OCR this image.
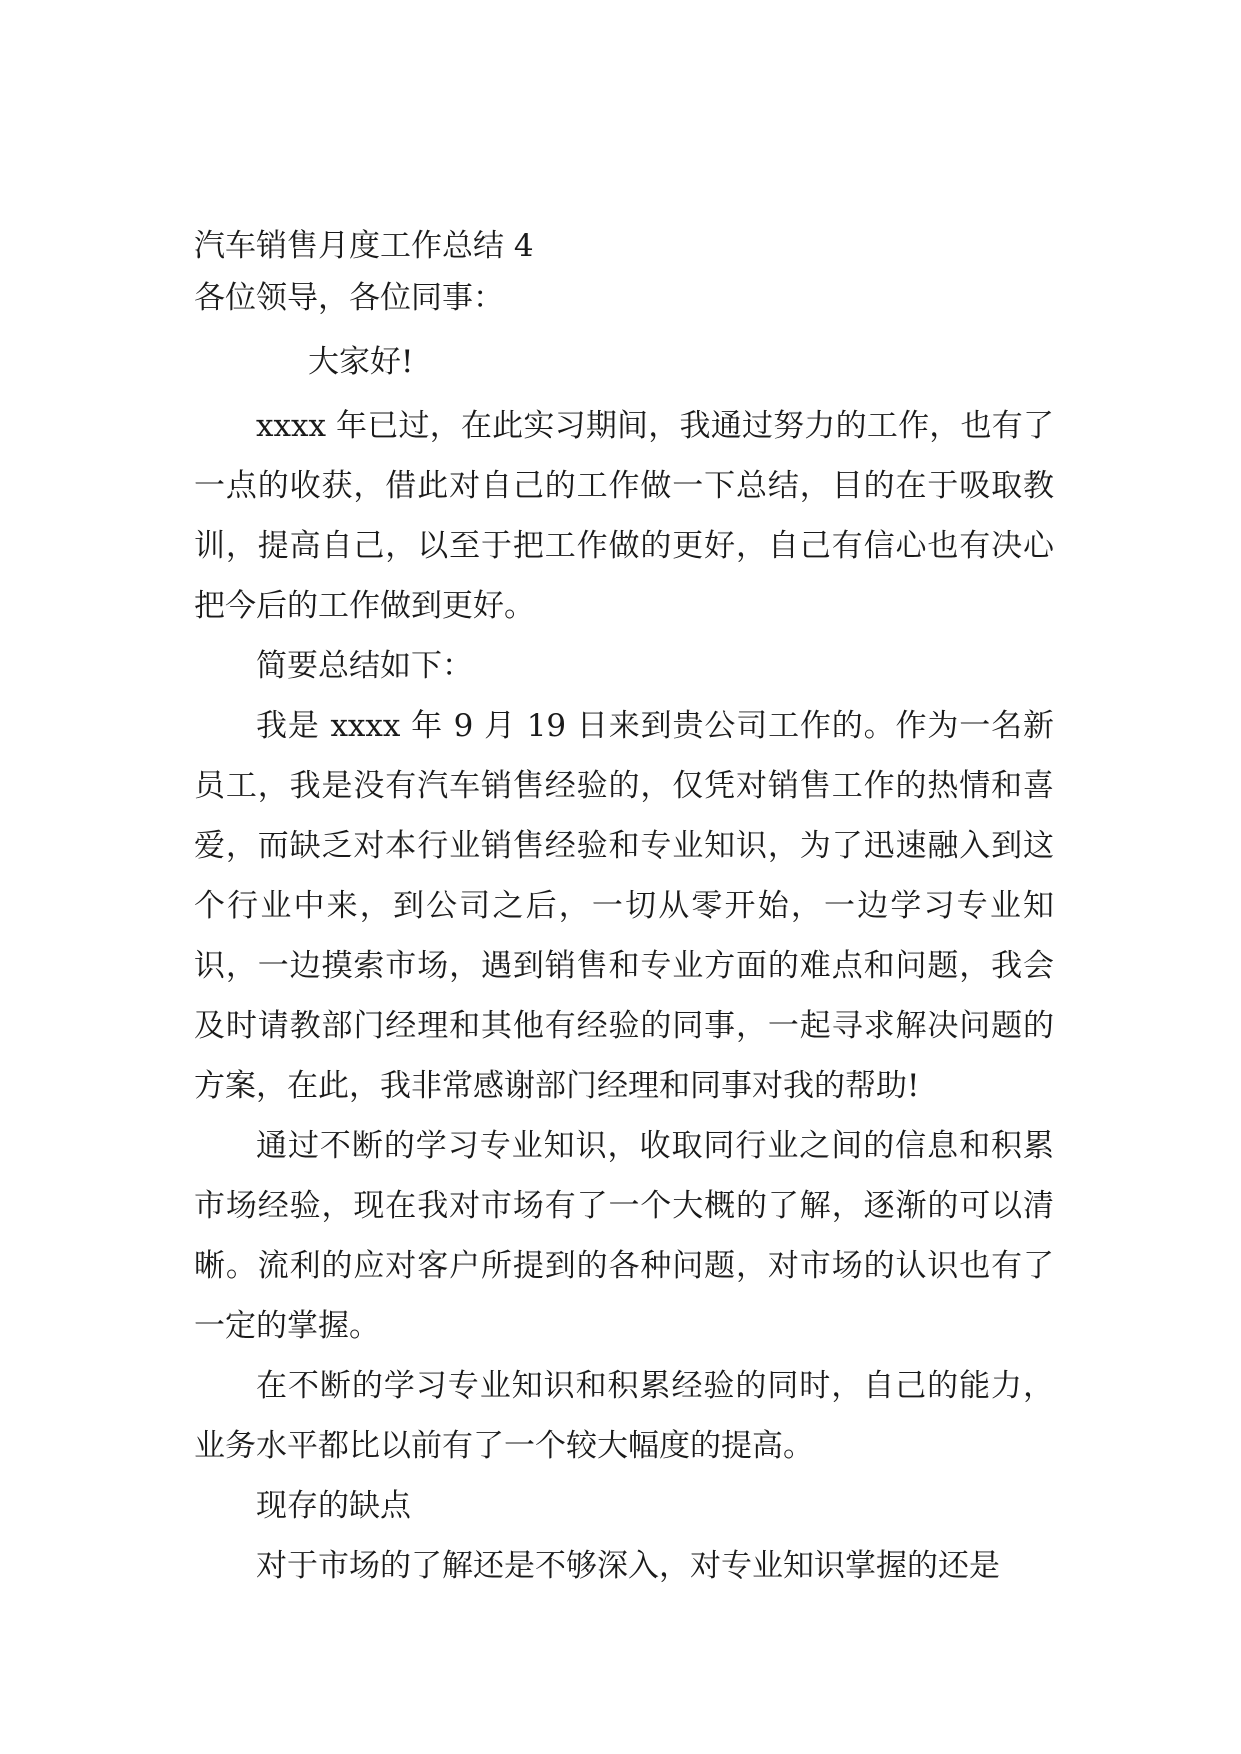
汽车销售月度工作总结 4

各位领导，各位同事：

大家好!

xxxx 年已过，在此实习期间，我通过努力的工作，也有了一点的收获，借此对自己的工作做一下总结，目的在于吸取教训，提高自己，以至于把工作做的更好，自己有信心也有决心把今后的工作做到更好。

简要总结如下：

我是 xxxx 年 9 月 19 日来到贵公司工作的。作为一名新员工，我是没有汽车销售经验的，仅凭对销售工作的热情和喜爱，而缺乏对本行业销售经验和专业知识，为了迅速融入到这个行业中来，到公司之后，一切从零开始，一边学习专业知识，一边摸索市场，遇到销售和专业方面的难点和问题，我会及时请教部门经理和其他有经验的同事，一起寻求解决问题的方案，在此，我非常感谢部门经理和同事对我的帮助!

通过不断的学习专业知识，收取同行业之间的信息和积累市场经验，现在我对市场有了一个大概的了解，逐渐的可以清晰。流利的应对客户所提到的各种问题，对市场的认识也有了一定的掌握。

在不断的学习专业知识和积累经验的同时，自己的能力，业务水平都比以前有了一个较大幅度的提高。

现存的缺点

对于市场的了解还是不够深入，对专业知识掌握的还是
